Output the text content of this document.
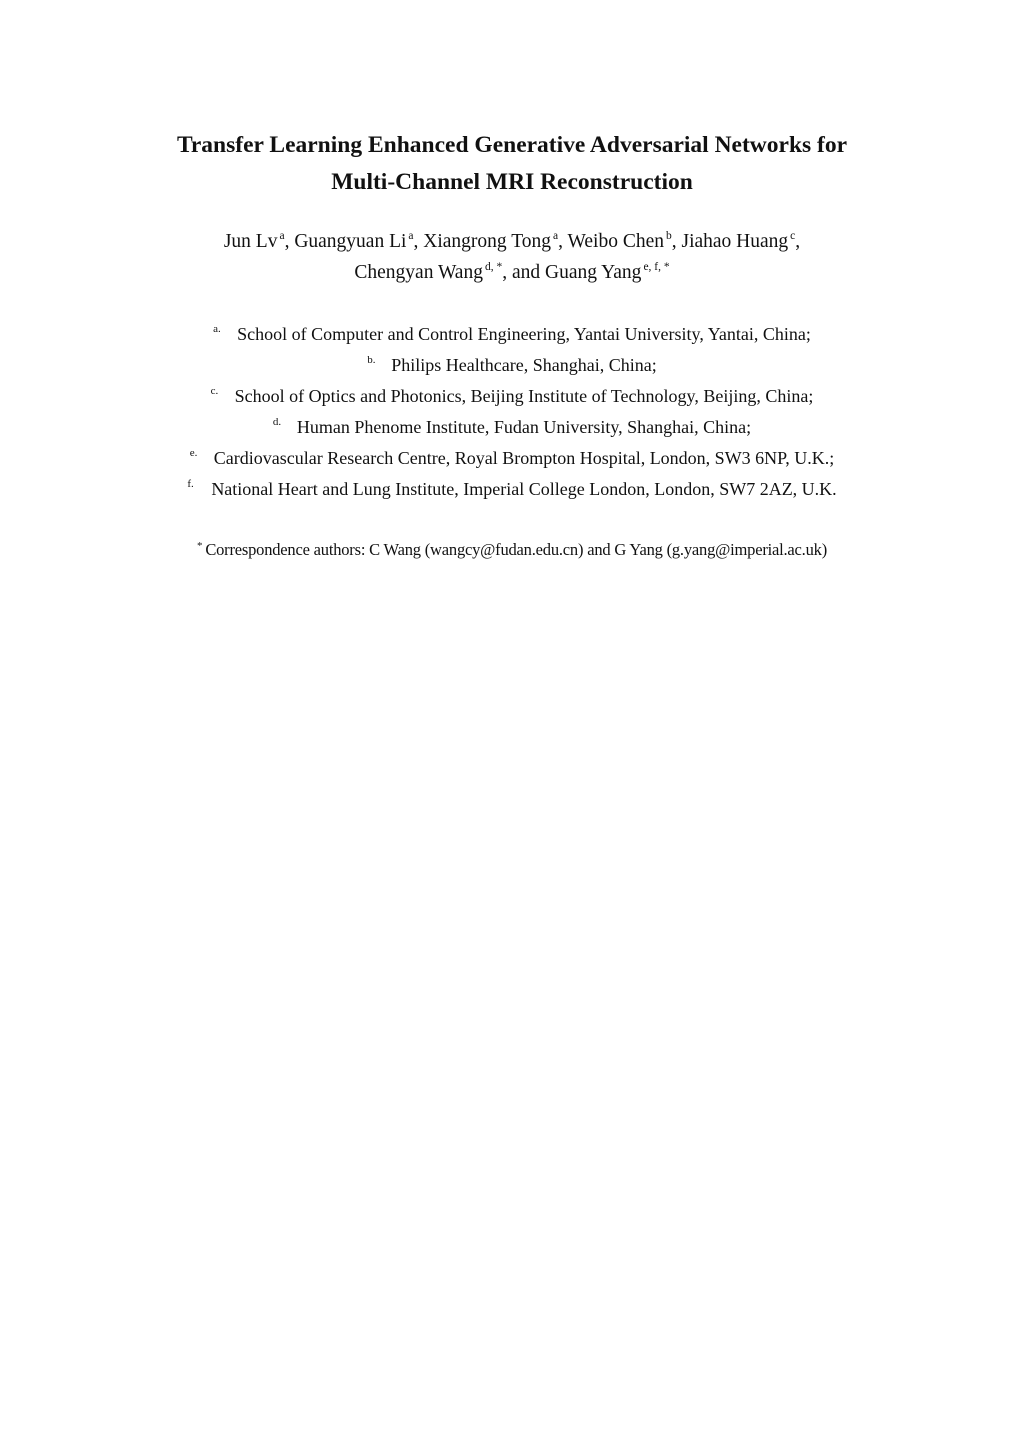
Transfer Learning Enhanced Generative Adversarial Networks for
Multi-Channel MRI Reconstruction
Jun Lv $^a$, Guangyuan Li $^a$, Xiangrong Tong $^a$, Weibo Chen $^b$, Jiahao Huang $^c$,
Chengyan Wang $^{d, *}$, and Guang Yang $^{e, f, *}$
a. School of Computer and Control Engineering, Yantai University, Yantai, China;
b. Philips Healthcare, Shanghai, China;
c. School of Optics and Photonics, Beijing Institute of Technology, Beijing, China;
d. Human Phenome Institute, Fudan University, Shanghai, China;
e. Cardiovascular Research Centre, Royal Brompton Hospital, London, SW3 6NP, U.K.;
f. National Heart and Lung Institute, Imperial College London, London, SW7 2AZ, U.K.
* Correspondence authors: C Wang (wangcy@fudan.edu.cn) and G Yang (g.yang@imperial.ac.uk)
